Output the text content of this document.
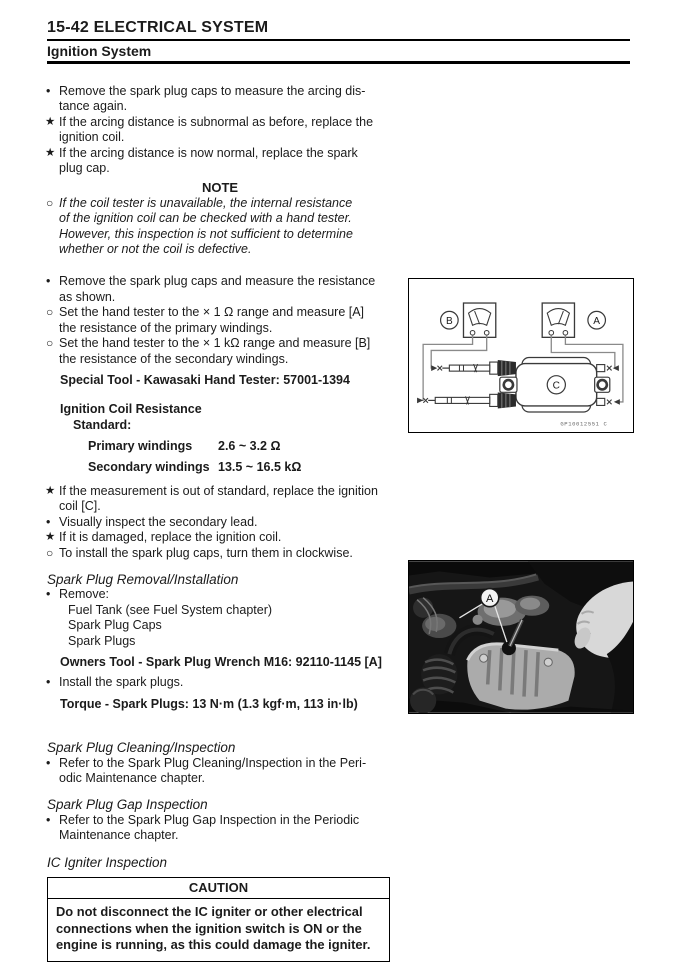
15-42 ELECTRICAL SYSTEM
Ignition System
• Remove the spark plug caps to measure the arcing dis-
tance again.
★ If the arcing distance is subnormal as before, replace the
ignition coil.
★ If the arcing distance is now normal, replace the spark
plug cap.
NOTE
○ If the coil tester is unavailable, the internal resistance
of the ignition coil can be checked with a hand tester.
However, this inspection is not sufficient to determine
whether or not the coil is defective.
• Remove the spark plug caps and measure the resistance
as shown.
○ Set the hand tester to the × 1 Ω range and measure [A]
the resistance of the primary windings.
○ Set the hand tester to the × 1 kΩ range and measure [B]
the resistance of the secondary windings.
Special Tool - Kawasaki Hand Tester: 57001-1394
Ignition Coil Resistance
Standard:
Primary windings	2.6 ~ 3.2 Ω
Secondary windings 13.5 ~ 16.5 kΩ
★ If the measurement is out of standard, replace the ignition
coil [C].
• Visually inspect the secondary lead.
★ If it is damaged, replace the ignition coil.
○ To install the spark plug caps, turn them in clockwise.
Spark Plug Removal/Installation
• Remove:
Fuel Tank (see Fuel System chapter)
Spark Plug Caps
Spark Plugs
Owners Tool - Spark Plug Wrench M16: 92110-1145 [A]
• Install the spark plugs.
Torque - Spark Plugs: 13 N·m (1.3 kgf·m, 113 in·lb)
Spark Plug Cleaning/Inspection
• Refer to the Spark Plug Cleaning/Inspection in the Peri-
odic Maintenance chapter.
Spark Plug Gap Inspection
• Refer to the Spark Plug Gap Inspection in the Periodic
Maintenance chapter.
IC Igniter Inspection
CAUTION
Do not disconnect the IC igniter or other electrical
connections when the ignition switch is ON or the
engine is running, as this could damage the igniter.
B	A
C
GP10012551 C
A
